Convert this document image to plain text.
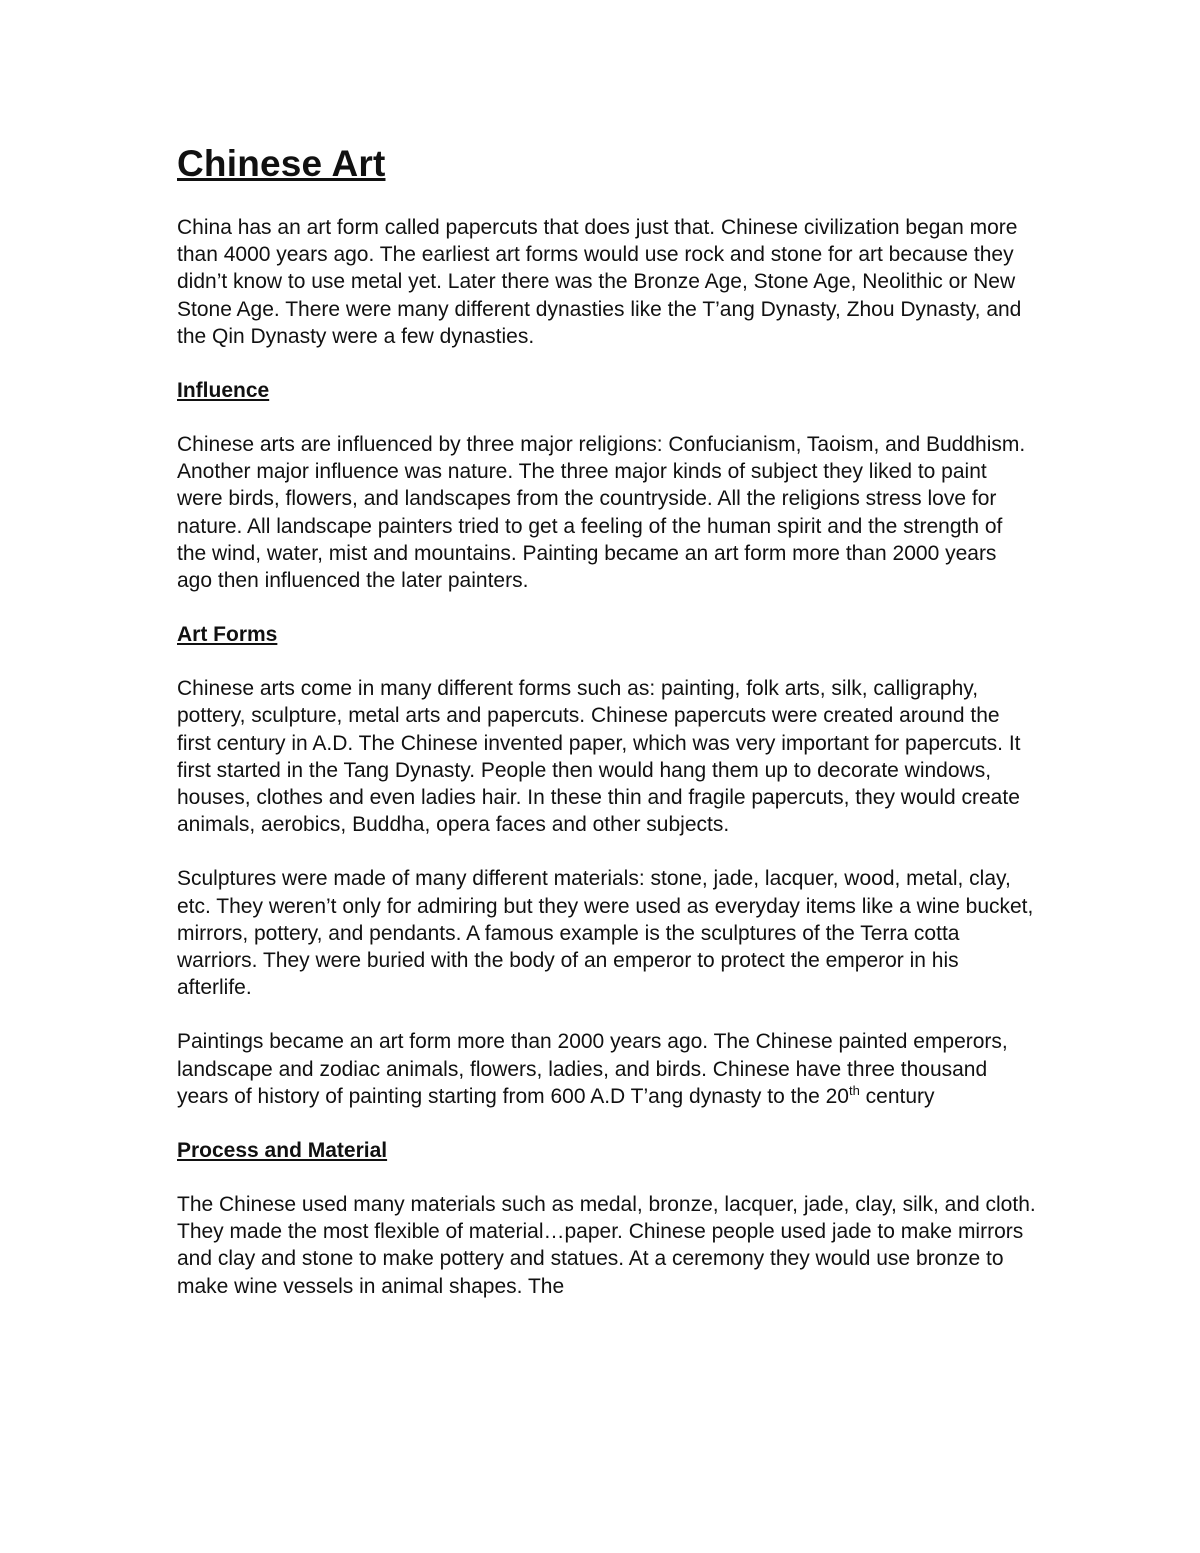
Chinese Art

China has an art form called papercuts that does just that. Chinese civilization began more than 4000 years ago. The earliest art forms would use rock and stone for art because they didn’t know to use metal yet. Later there was the Bronze Age, Stone Age, Neolithic or New Stone Age. There were many different dynasties like the T’ang Dynasty, Zhou Dynasty, and the Qin Dynasty were a few dynasties.

Influence

Chinese arts are influenced by three major religions: Confucianism, Taoism, and Buddhism. Another major influence was nature. The three major kinds of subject they liked to paint were birds, flowers, and landscapes from the countryside. All the religions stress love for nature. All landscape painters tried to get a feeling of the human spirit and the strength of the wind, water, mist and mountains. Painting became an art form more than 2000 years ago then influenced the later painters.

Art Forms

Chinese arts come in many different forms such as: painting, folk arts, silk, calligraphy, pottery, sculpture, metal arts and papercuts. Chinese papercuts were created around the first century in A.D. The Chinese invented paper, which was very important for papercuts. It first started in the Tang Dynasty. People then would hang them up to decorate windows, houses, clothes and even ladies hair. In these thin and fragile papercuts, they would create animals, aerobics, Buddha, opera faces and other subjects.

Sculptures were made of many different materials: stone, jade, lacquer, wood, metal, clay, etc. They weren’t only for admiring but they were used as everyday items like a wine bucket, mirrors, pottery, and pendants. A famous example is the sculptures of the Terra cotta warriors. They were buried with the body of an emperor to protect the emperor in his afterlife.

Paintings became an art form more than 2000 years ago. The Chinese painted emperors, landscape and zodiac animals, flowers, ladies, and birds. Chinese have three thousand years of history of painting starting from 600 A.D T’ang dynasty to the 20th century

Process and Material

The Chinese used many materials such as medal, bronze, lacquer, jade, clay, silk, and cloth. They made the most flexible of material…paper. Chinese people used jade to make mirrors and clay and stone to make pottery and statues. At a ceremony they would use bronze to make wine vessels in animal shapes. The
